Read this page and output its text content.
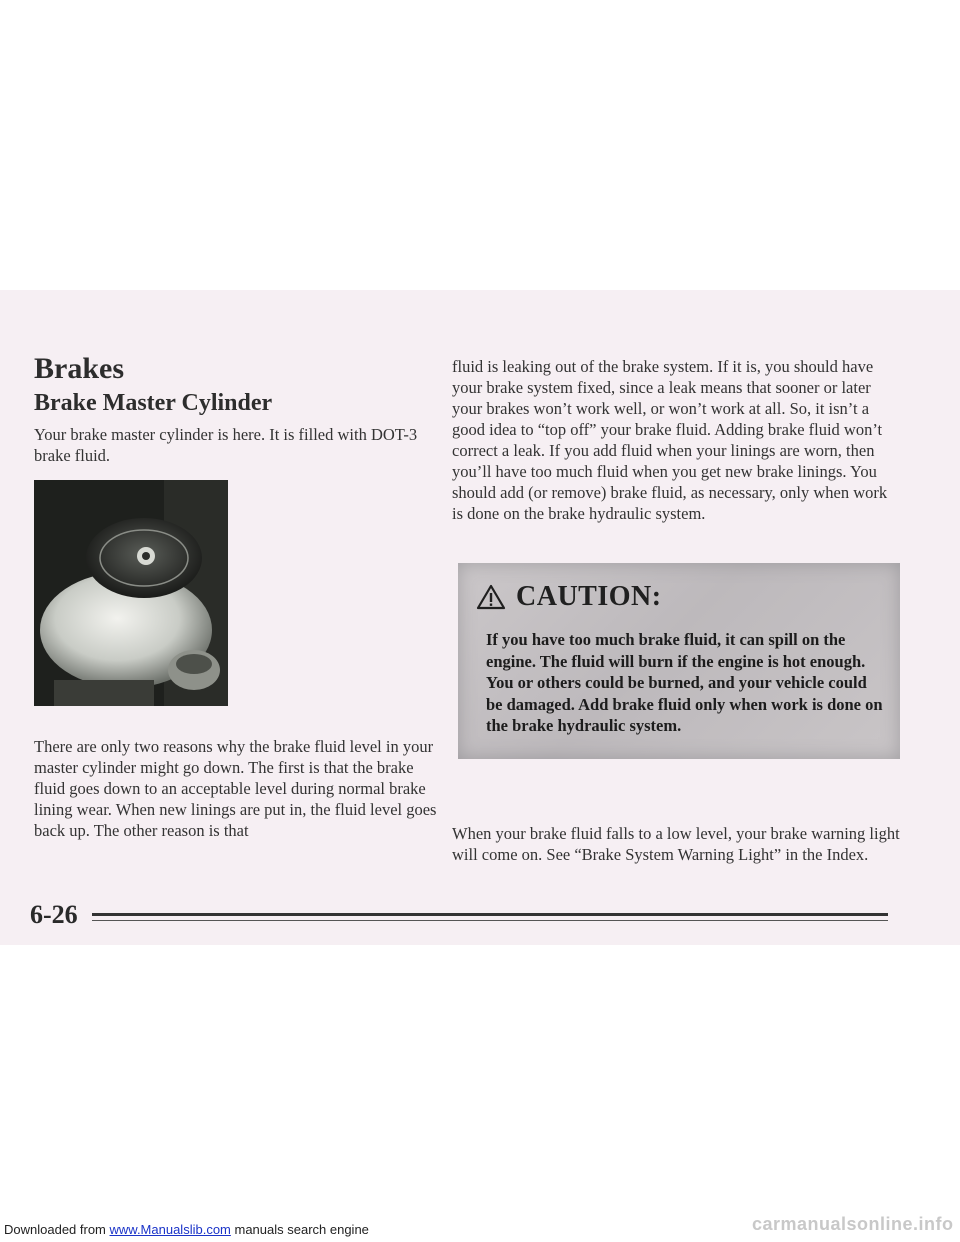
Brakes
Brake Master Cylinder

Your brake master cylinder is here. It is filled with DOT-3 brake fluid.

There are only two reasons why the brake fluid level in your master cylinder might go down. The first is that the brake fluid goes down to an acceptable level during normal brake lining wear. When new linings are put in, the fluid level goes back up. The other reason is that

fluid is leaking out of the brake system. If it is, you should have your brake system fixed, since a leak means that sooner or later your brakes won’t work well, or won’t work at all. So, it isn’t a good idea to “top off” your brake fluid. Adding brake fluid won’t correct a leak. If you add fluid when your linings are worn, then you’ll have too much fluid when you get new brake linings. You should add (or remove) brake fluid, as necessary, only when work is done on the brake hydraulic system.

CAUTION:

If you have too much brake fluid, it can spill on the engine. The fluid will burn if the engine is hot enough. You or others could be burned, and your vehicle could be damaged. Add brake fluid only when work is done on the brake hydraulic system.

When your brake fluid falls to a low level, your brake warning light will come on. See “Brake System Warning Light” in the Index.

6-26
Downloaded from www.Manualslib.com manuals search engine	carmanualsonline.info
